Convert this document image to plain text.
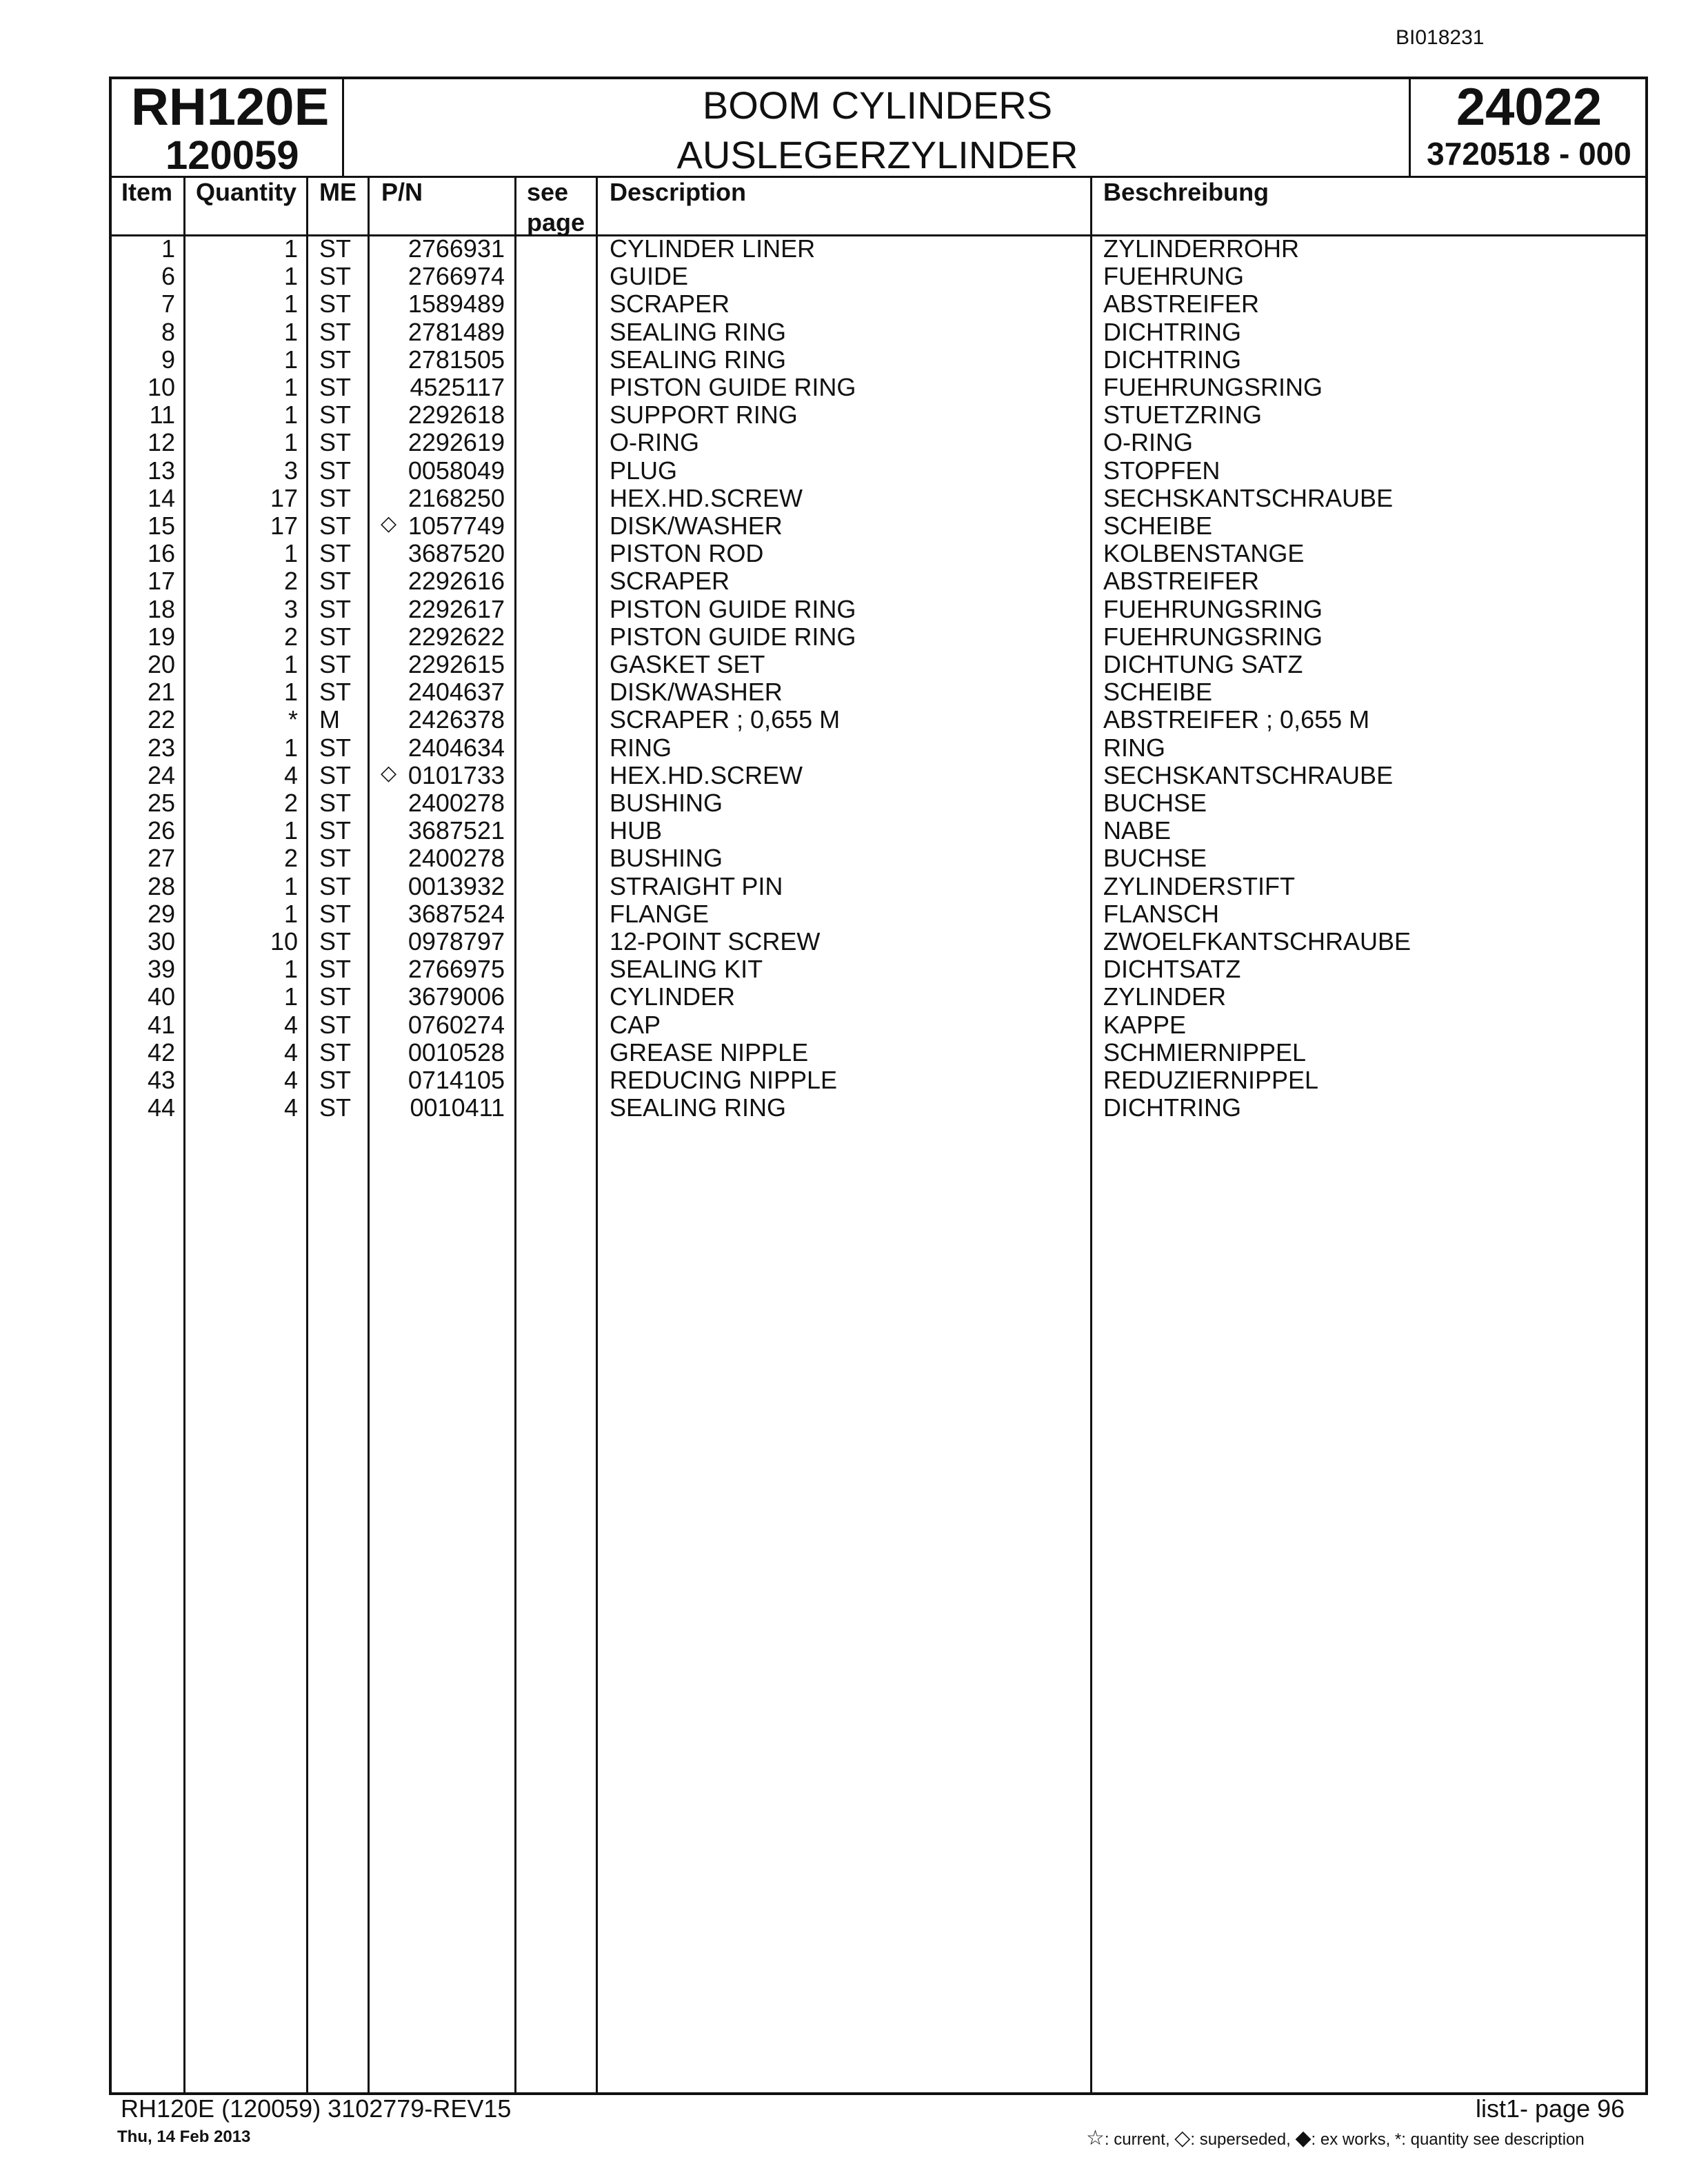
BI018231
RH120E
120059
BOOM CYLINDERS
AUSLEGERZYLINDER
24022
3720518 - 000
Item Quantity ME P/N	see
page
Description	Beschreibung
1	1 ST	2766931	CYLINDER LINER	ZYLINDERROHR
6	1 ST	2766974	GUIDE	FUEHRUNG
7	1 ST	1589489	SCRAPER	ABSTREIFER
8	1 ST	2781489	SEALING RING	DICHTRING
9	1 ST	2781505	SEALING RING	DICHTRING
10	1 ST	4525117	PISTON GUIDE RING	FUEHRUNGSRING
11	1 ST	2292618	SUPPORT RING	STUETZRING
12	1 ST	2292619	O-RING	O-RING
13	3 ST	0058049	PLUG	STOPFEN
14	17 ST	2168250	HEX.HD.SCREW	SECHSKANTSCHRAUBE
15	17 ST	◇ 1057749	DISK/WASHER	SCHEIBE
16	1 ST	3687520	PISTON ROD	KOLBENSTANGE
17	2 ST	2292616	SCRAPER	ABSTREIFER
18	3 ST	2292617	PISTON GUIDE RING	FUEHRUNGSRING
19	2 ST	2292622	PISTON GUIDE RING	FUEHRUNGSRING
20	1 ST	2292615	GASKET SET	DICHTUNG SATZ
21	1 ST	2404637	DISK/WASHER	SCHEIBE
22	* M	2426378	SCRAPER ; 0,655 M	ABSTREIFER ; 0,655 M
23	1 ST	2404634	RING	RING
24	4 ST	◇ 0101733	HEX.HD.SCREW	SECHSKANTSCHRAUBE
25	2 ST	2400278	BUSHING	BUCHSE
26	1 ST	3687521	HUB	NABE
27	2 ST	2400278	BUSHING	BUCHSE
28	1 ST	0013932	STRAIGHT PIN	ZYLINDERSTIFT
29	1 ST	3687524	FLANGE	FLANSCH
30	10 ST	0978797	12-POINT SCREW	ZWOELFKANTSCHRAUBE
39	1 ST	2766975	SEALING KIT	DICHTSATZ
40	1 ST	3679006	CYLINDER	ZYLINDER
41	4 ST	0760274	CAP	KAPPE
42	4 ST	0010528	GREASE NIPPLE	SCHMIERNIPPEL
43	4 ST	0714105	REDUCING NIPPLE	REDUZIERNIPPEL
44	4 ST	0010411	SEALING RING	DICHTRING
RH120E (120059) 3102779-REV15
Thu, 14 Feb 2013
list1- page 96
☆: current, ◇: superseded, ◆: ex works, *: quantity see description
